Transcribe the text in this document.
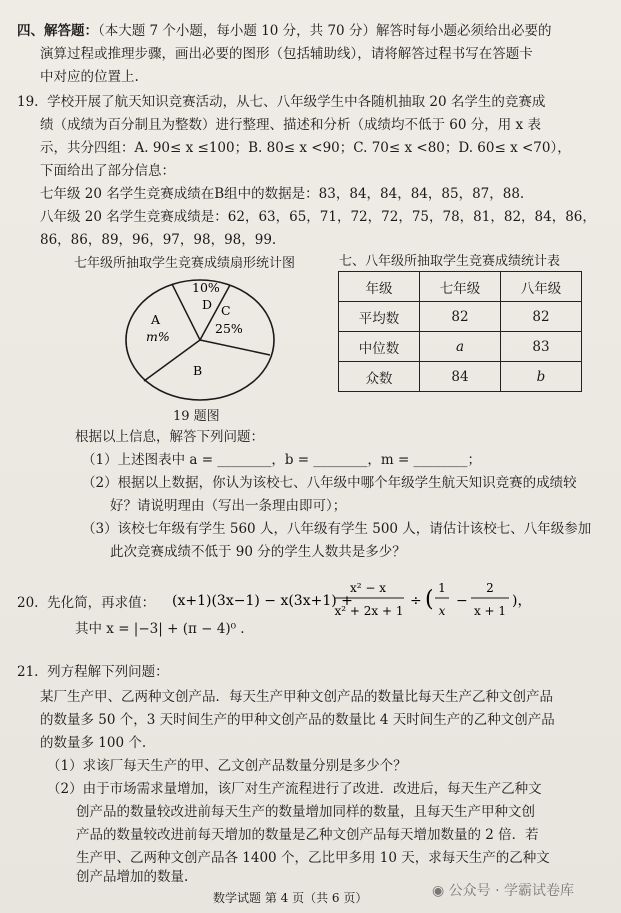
四、解答题：（本大题 7 个小题，每小题 10 分，共 70 分）解答时每小题必须给出必要的
演算过程或推理步骤，画出必要的图形（包括辅助线），请将解答过程书写在答题卡
中对应的位置上.
19. 学校开展了航天知识竞赛活动，从七、八年级学生中各随机抽取 20 名学生的竞赛成
绩（成绩为百分制且为整数）进行整理、描述和分析（成绩均不低于 60 分，用 x 表
示，共分四组：A. 90≤ x ≤100；B. 80≤ x <90；C. 70≤ x <80；D. 60≤ x <70），
下面给出了部分信息：
七年级 20 名学生竞赛成绩在B组中的数据是：83，84，84，84，85，87，88.
八年级 20 名学生竞赛成绩是：62，63，65，71，72，72，75，78，81，82，84，86，
86，86，89，96，97，98，98，99.
七年级所抽取学生竞赛成绩扇形统计图	七、八年级所抽取学生竞赛成绩统计表
10%
D
A
m%
C
25%
B
19 题图
年级	七年级	八年级
平均数	82	82
中位数	a	83
众数	84	b
根据以上信息，解答下列问题：
（1）上述图表中 a = ________，b = ________，m = ________；
（2）根据以上数据，你认为该校七、八年级中哪个年级学生航天知识竞赛的成绩较
好？请说明理由（写出一条理由即可）；
（3）该校七年级有学生 560 人，八年级有学生 500 人，请估计该校七、八年级参加
此次竞赛成绩不低于 90 分的学生人数共是多少？
20. 先化简，再求值： (x+1)(3x−1) − x(3x+1) +
x² − x
x² + 2x + 1
÷ ( 1
x
−
2
x + 1
)，
其中 x = |−3| + (π − 4)⁰ .
21. 列方程解下列问题：
某厂生产甲、乙两种文创产品．每天生产甲种文创产品的数量比每天生产乙种文创产品
的数量多 50 个，3 天时间生产的甲种文创产品的数量比 4 天时间生产的乙种文创产品
的数量多 100 个.
（1）求该厂每天生产的甲、乙文创产品数量分别是多少个？
（2）由于市场需求量增加，该厂对生产流程进行了改进．改进后，每天生产乙种文
创产品的数量较改进前每天生产的数量增加同样的数量，且每天生产甲种文创
产品的数量较改进前每天增加的数量是乙种文创产品每天增加数量的 2 倍．若
生产甲、乙两种文创产品各 1400 个，乙比甲多用 10 天，求每天生产的乙种文
创产品增加的数量.
数学试题 第 4 页（共 6 页）	◉ 公众号 · 学霸试卷库
